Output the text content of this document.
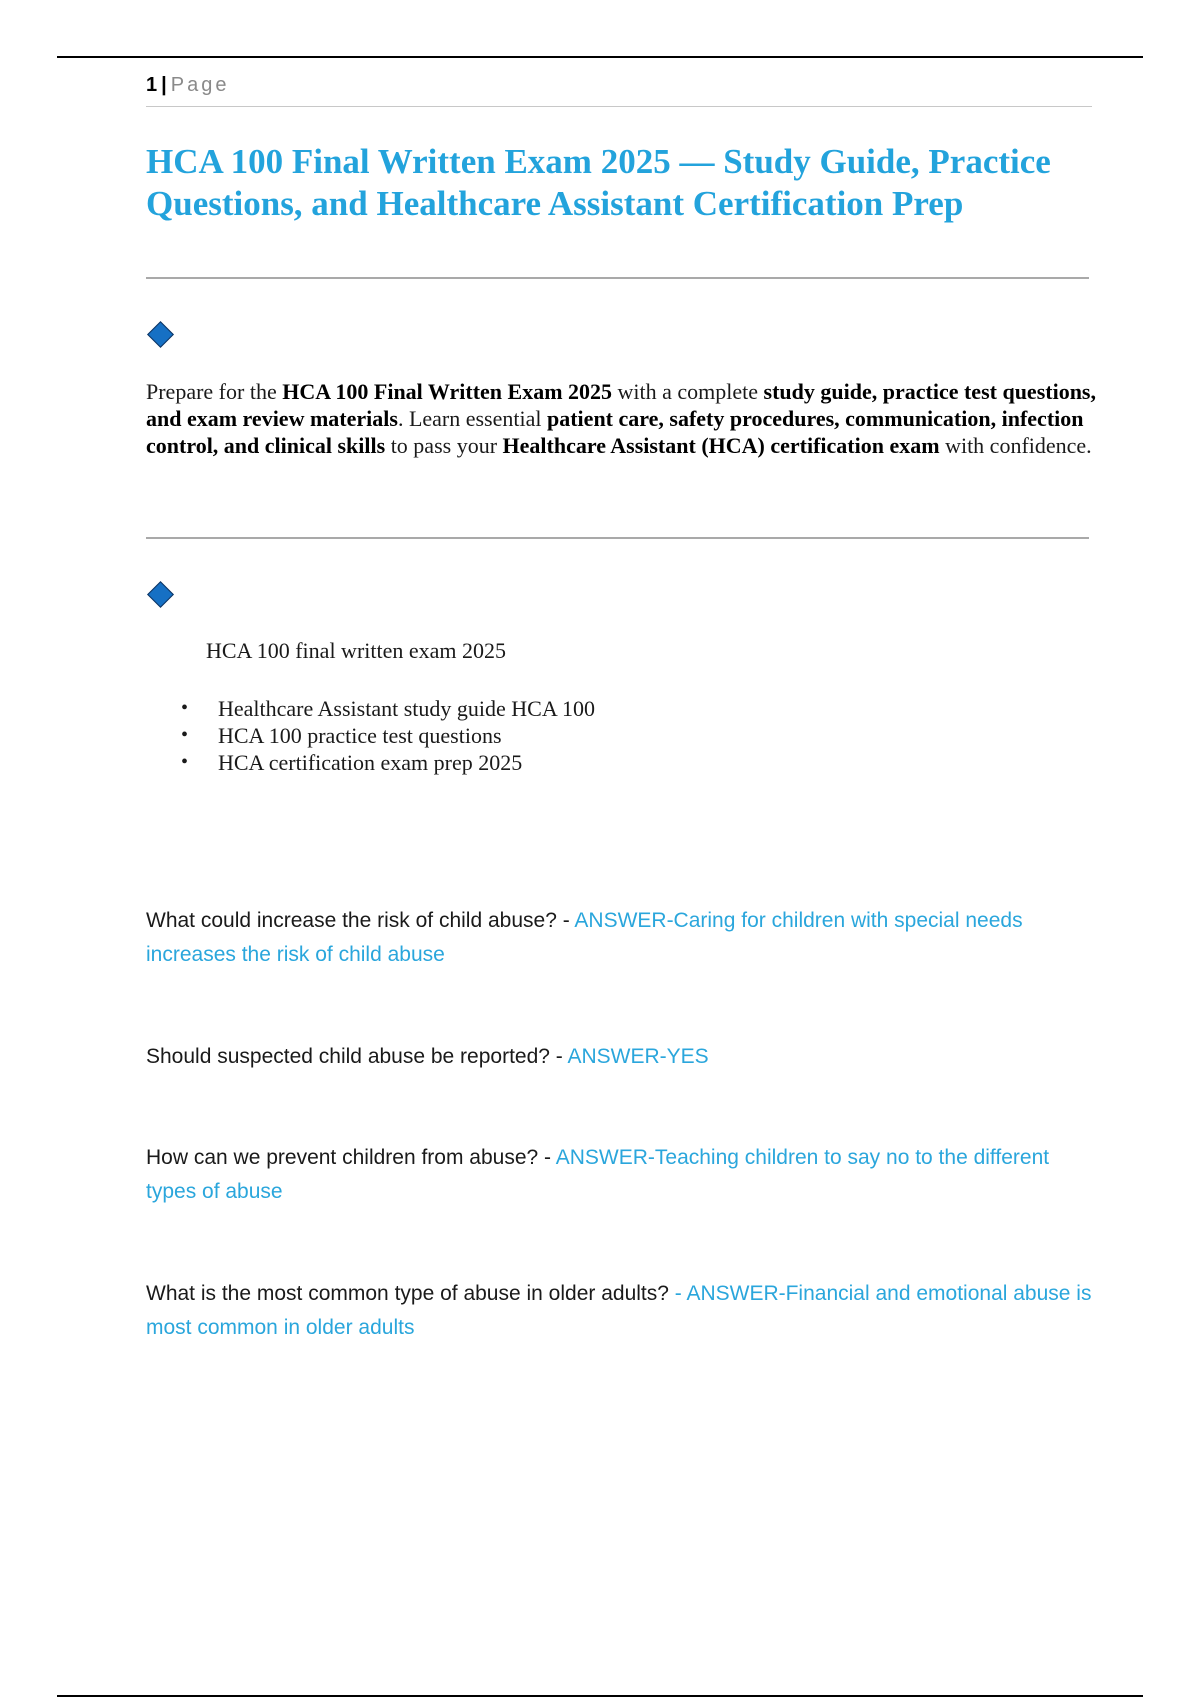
1 | Page
HCA 100 Final Written Exam 2025 — Study Guide, Practice Questions, and Healthcare Assistant Certification Prep

Prepare for the HCA 100 Final Written Exam 2025 with a complete study guide, practice test questions, and exam review materials. Learn essential patient care, safety procedures, communication, infection control, and clinical skills to pass your Healthcare Assistant (HCA) certification exam with confidence.

HCA 100 final written exam 2025

• Healthcare Assistant study guide HCA 100
• HCA 100 practice test questions
• HCA certification exam prep 2025

What could increase the risk of child abuse? - ANSWER-Caring for children with special needs increases the risk of child abuse

Should suspected child abuse be reported? - ANSWER-YES

How can we prevent children from abuse? - ANSWER-Teaching children to say no to the different types of abuse

What is the most common type of abuse in older adults? - ANSWER-Financial and emotional abuse is most common in older adults
